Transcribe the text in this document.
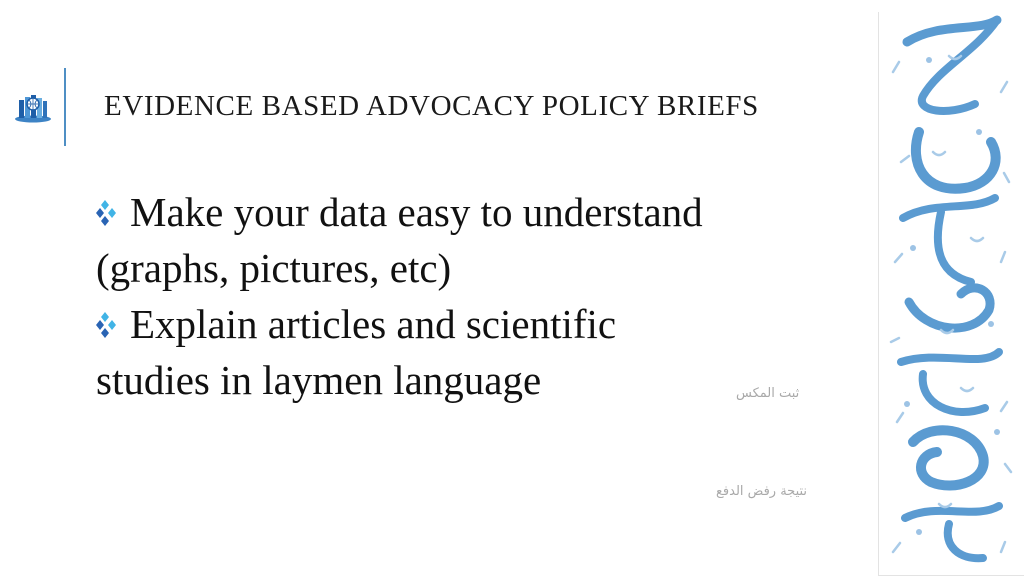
EVIDENCE BASED ADVOCACY POLICY BRIEFS
Make your data easy to understand
(graphs, pictures, etc)
Explain articles and scientific
studies in laymen language	ثبت المكس
نتيجة رفض الدفع
